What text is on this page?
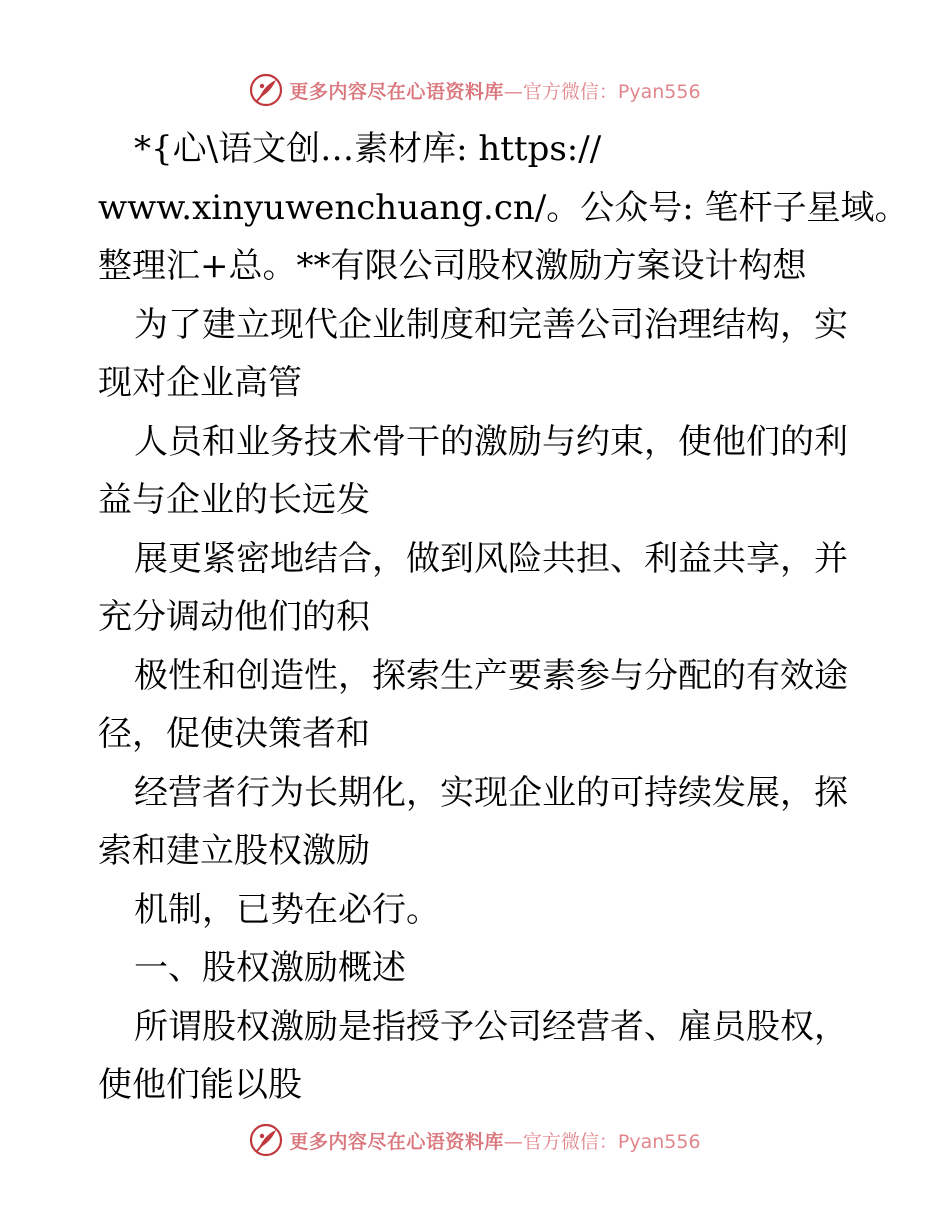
更多内容尽在心语资料库 —官方微信：Pyan556
*{心\语文创…素材库: https://
www.xinyuwenchuang.cn/。公众号: 笔杆子星域。
整理汇+总。**有限公司股权激励方案设计构想
为了建立现代企业制度和完善公司治理结构，实
现对企业高管
人员和业务技术骨干的激励与约束，使他们的利
益与企业的长远发
展更紧密地结合，做到风险共担、利益共享，并
充分调动他们的积
极性和创造性，探索生产要素参与分配的有效途
径，促使决策者和
经营者行为长期化，实现企业的可持续发展，探
索和建立股权激励
机制，已势在必行。
一、股权激励概述
所谓股权激励是指授予公司经营者、雇员股权，
使他们能以股
更多内容尽在心语资料库 —官方微信：Pyan556
